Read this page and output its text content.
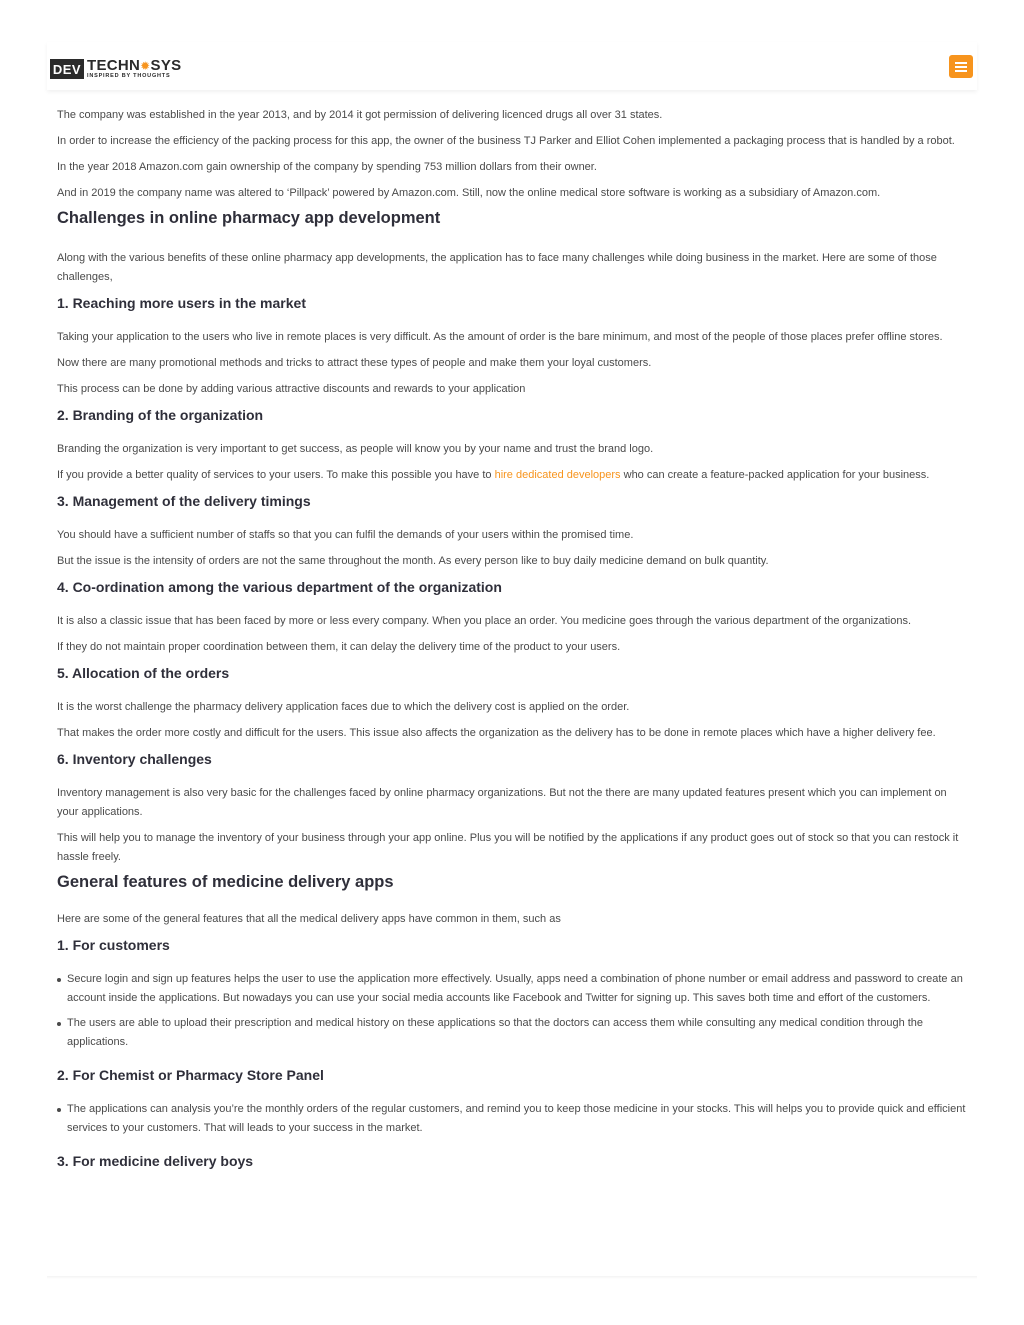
DEV TECHN✹SYS
INSPIRED BY THOUGHTS

The company was established in the year 2013, and by 2014 it got permission of delivering licenced drugs all over 31 states.

In order to increase the efficiency of the packing process for this app, the owner of the business TJ Parker and Elliot Cohen implemented a packaging process that is handled by a robot.

In the year 2018 Amazon.com gain ownership of the company by spending 753 million dollars from their owner.

And in 2019 the company name was altered to ‘Pillpack’ powered by Amazon.com. Still, now the online medical store software is working as a subsidiary of Amazon.com.

Challenges in online pharmacy app development

Along with the various benefits of these online pharmacy app developments, the application has to face many challenges while doing business in the market. Here are some of those challenges,

1. Reaching more users in the market

Taking your application to the users who live in remote places is very difficult. As the amount of order is the bare minimum, and most of the people of those places prefer offline stores.

Now there are many promotional methods and tricks to attract these types of people and make them your loyal customers.

This process can be done by adding various attractive discounts and rewards to your application

2. Branding of the organization

Branding the organization is very important to get success, as people will know you by your name and trust the brand logo.

If you provide a better quality of services to your users. To make this possible you have to hire dedicated developers who can create a feature-packed application for your business.

3. Management of the delivery timings

You should have a sufficient number of staffs so that you can fulfil the demands of your users within the promised time.

But the issue is the intensity of orders are not the same throughout the month. As every person like to buy daily medicine demand on bulk quantity.

4. Co-ordination among the various department of the organization

It is also a classic issue that has been faced by more or less every company. When you place an order. You medicine goes through the various department of the organizations.

If they do not maintain proper coordination between them, it can delay the delivery time of the product to your users.

5. Allocation of the orders

It is the worst challenge the pharmacy delivery application faces due to which the delivery cost is applied on the order.

That makes the order more costly and difficult for the users. This issue also affects the organization as the delivery has to be done in remote places which have a higher delivery fee.

6. Inventory challenges

Inventory management is also very basic for the challenges faced by online pharmacy organizations. But not the there are many updated features present which you can implement on your applications.

This will help you to manage the inventory of your business through your app online. Plus you will be notified by the applications if any product goes out of stock so that you can restock it hassle freely.

General features of medicine delivery apps

Here are some of the general features that all the medical delivery apps have common in them, such as

1. For customers
Secure login and sign up features helps the user to use the application more effectively. Usually, apps need a combination of phone number or email address and password to create an account inside the applications. But nowadays you can use your social media accounts like Facebook and Twitter for signing up. This saves both time and effort of the customers.
The users are able to upload their prescription and medical history on these applications so that the doctors can access them while consulting any medical condition through the applications.
2. For Chemist or Pharmacy Store Panel
The applications can analysis you’re the monthly orders of the regular customers, and remind you to keep those medicine in your stocks. This will helps you to provide quick and efficient services to your customers. That will leads to your success in the market.
3. For medicine delivery boys
